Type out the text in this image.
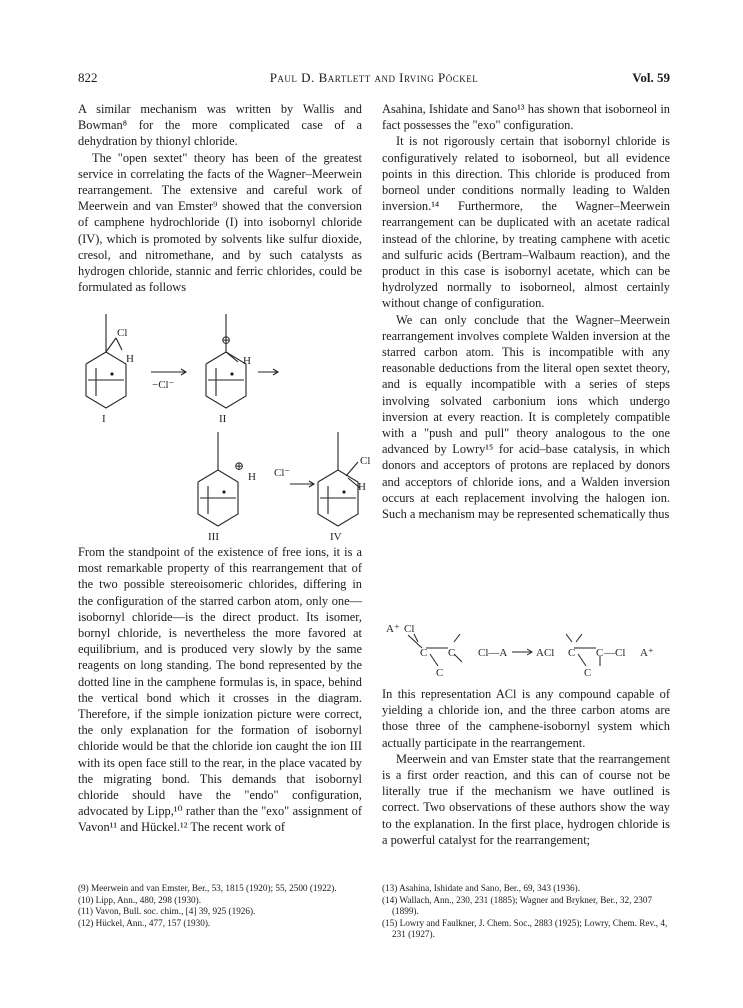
822	Paul D. Bartlett and Irving Pöckel	Vol. 59

A similar mechanism was written by Wallis and Bowman⁸ for the more complicated case of a dehydration by thionyl chloride.

The "open sextet" theory has been of the greatest service in correlating the facts of the Wagner–Meerwein rearrangement. The extensive and careful work of Meerwein and van Emster⁹ showed that the conversion of camphene hydrochloride (I) into isobornyl chloride (IV), which is promoted by solvents like sulfur dioxide, cresol, and nitromethane, and by such catalysts as hydrogen chloride, stannic and ferric chlorides, could be formulated as follows

Cl
H
−Cl⁻
⊕
H
I	II
⊕
H Cl⁻
Cl
H
III	IV

From the standpoint of the existence of free ions, it is a most remarkable property of this rearrangement that of the two possible stereoisomeric chlorides, differing in the configuration of the starred carbon atom, only one—isobornyl chloride—is the direct product. Its isomer, bornyl chloride, is nevertheless the more favored at equilibrium, and is produced very slowly by the same reagents on long standing. The bond represented by the dotted line in the camphene formulas is, in space, behind the vertical bond which it crosses in the diagram. Therefore, if the simple ionization picture were correct, the only explanation for the formation of isobornyl chloride would be that the chloride ion caught the ion III with its open face still to the rear, in the place vacated by the migrating bond. This demands that isobornyl chloride should have the "endo" configuration, advocated by Lipp,¹⁰ rather than the "exo" assignment of Vavon¹¹ and Hückel.¹² The recent work of

Asahina, Ishidate and Sano¹³ has shown that isoborneol in fact possesses the "exo" configuration.

It is not rigorously certain that isobornyl chloride is configuratively related to isoborneol, but all evidence points in this direction. This chloride is produced from borneol under conditions normally leading to Walden inversion.¹⁴ Furthermore, the Wagner–Meerwein rearrangement can be duplicated with an acetate radical instead of the chlorine, by treating camphene with acetic and sulfuric acids (Bertram–Walbaum reaction), and the product in this case is isobornyl acetate, which can be hydrolyzed normally to isoborneol, almost certainly without change of configuration.

We can only conclude that the Wagner–Meerwein rearrangement involves complete Walden inversion at the starred carbon atom. This is incompatible with any reasonable deductions from the literal open sextet theory, and is equally incompatible with a series of steps involving solvated carbonium ions which undergo inversion at every reaction. It is completely compatible with a "push and pull" theory analogous to the one advanced by Lowry¹⁵ for acid–base catalysis, in which donors and acceptors of protons are replaced by donors and acceptors of chloride ions, and a Walden inversion occurs at each replacement involving the halogen ion. Such a mechanism may be represented schematically thus

A⁺ Cl
C C
C
Cl—A	ACl C C —Cl
C
A⁺

In this representation ACl is any compound capable of yielding a chloride ion, and the three carbon atoms are those three of the camphene-isobornyl system which actually participate in the rearrangement.

Meerwein and van Emster state that the rearrangement is a first order reaction, and this can of course not be literally true if the mechanism we have outlined is correct. Two observations of these authors show the way to the explanation. In the first place, hydrogen chloride is a powerful catalyst for the rearrangement;

(9) Meerwein and van Emster, Ber., 53, 1815 (1920); 55, 2500 (1922).
(10) Lipp, Ann., 480, 298 (1930).
(11) Vavon, Bull. soc. chim., [4] 39, 925 (1926).
(12) Hückel, Ann., 477, 157 (1930).
(13) Asahina, Ishidate and Sano, Ber., 69, 343 (1936).
(14) Wallach, Ann., 230, 231 (1885); Wagner and Brykner, Ber., 32, 2307 (1899).
(15) Lowry and Faulkner, J. Chem. Soc., 2883 (1925); Lowry, Chem. Rev., 4, 231 (1927).
